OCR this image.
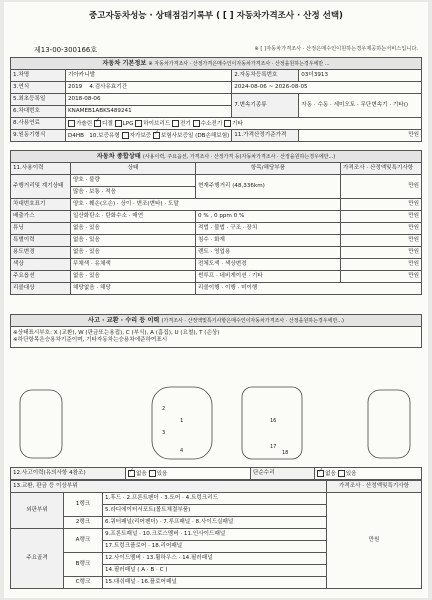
중고자동차성능 · 상태점검기록부 ( [ ] 자동차가격조사 · 산정 선택)
제13-00-300166호	※ [ ]자동차가격조사 · 산정은매수인이원하는경우제공하는서비스입니다.
자동차 기본정보 ※ 자동차가격조사 · 산정가격은매수인이자동차가격조사 · 산정을원하는경우에만 ...			
1.차명	기아카니발	2.자동차등록번호	03더3913
3.연식	2019 4.검사유효기간	2024-08-06 ~ 2026-08-05	
5.최초등록일	2018-08-06	7.변속기종류	자동 · 수동 · 세미오토 · 무단변속기 · 기타()
6.차대번호	KNAMEB1ABKS489241		
8.사용연료	가솔린 ✓ 디젤 LPG 하이브리드 전기 수소전기 기타
9.원동기형식	D4HB 10.보증유형 자가보증 ✓ 보험사보증일 (DB손해보험)	11.가격산정기준가격	만원
자동차 종합상태 (사용이력, 주요옵션, 가격조사 · 산정가격 등(자동차가격조사 · 산정을원하는경우에만...)			
11.사용이력	상태	항목/해당부품	가격조사 · 산정액및특기사항
주행거리및 계기상태	양호 · 불량	현재주행거리 (48,336km)	만원
	많음 · 보통 · 적음		
차대번호표기	양호 · 훼손(오손) · 상이 · 변조(변타) · 도말		만원
배출가스	일산화탄소 · 탄화수소 · 매연	0 % , 0 ppm 0 %	만원
튜닝	없음 · 있음	적법 · 불법 · 구조 · 장치	만원
특별이력	없음 · 있음	침수 · 화재	만원
용도변경	없음 · 있음	렌트 · 영업용	만원
색상	무채색 · 유채색	전체도색 · 색상변경	만원
주요옵션	없음 · 있음	썬루프 · 네비게이션 · 기타	만원
리콜대상	해당없음 · 해당	리콜이행 · 이행 · 미이행	
사고 · 교환 · 수리 등 이력 (가격조사 · 산정액및특기사항은매수인이자동차가격조사 · 산정을원하는경우에만...)

※상태표시부호: X (교환), W (판금또는용접), C (부식), A (흠집), U (요철), T (손상)
※하단항목은승용차기준이며, 기타자동차는승용차에준하여표시
1
2
3
4
16
17
18
12.사고이력(유의사항 4참조)	✓없음 있음	단순수리	✓없음 있음
13.교환, 판금 등 이상부위			가격조사 · 산정액및특기사항
외판부위	1랭크	1.후드 · 2.프론트펜더 · 3.도어 · 4.트렁크리드	만원
		5.라디에이터서포트(볼트체결부품)	
	2랭크	6.쿼터패널(리어펜더) · 7.루프패널 · 8.사이드실패널	
주요골격	A랭크	9.프론트패널 · 10.크로스멤버 · 11.인사이드패널	
		17.트렁크플로어 · 18.리어패널	
	B랭크	12.사이드멤버 · 13.휠하우스 · 14.필러패널	
		14.필러패널 ( A · B · C )	
	C랭크	15.대쉬패널 · 16.플로어패널	
